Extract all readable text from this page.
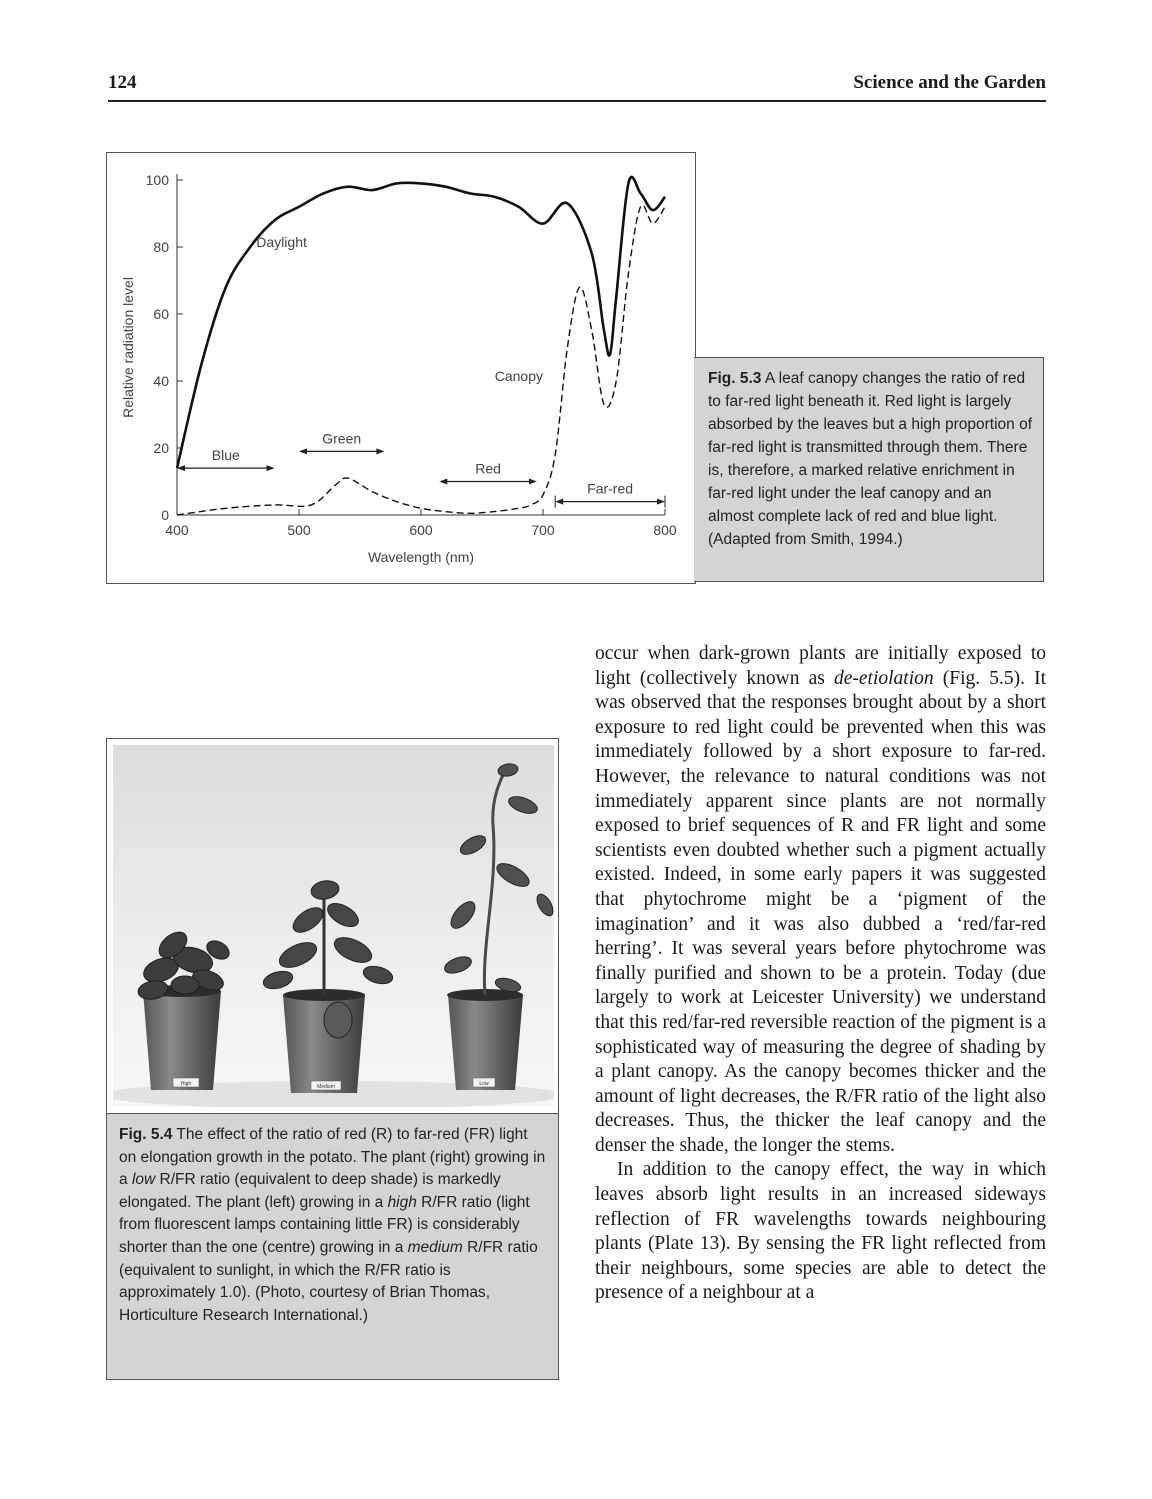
124	Science and the Garden
0
20
40
60
80
100
400	500	600	700	800
Wavelength (nm)
Relative radiation level
Daylight
Canopy
Blue
Green
Red
Far-red
Fig. 5.3 A leaf canopy changes the ratio of red to far-red light beneath it. Red light is largely absorbed by the leaves but a high proportion of far-red light is transmitted through them. There is, therefore, a marked relative enrichment in far-red light under the leaf canopy and an almost complete lack of red and blue light. (Adapted from Smith, 1994.)
High	Medium	Low
Fig. 5.4 The effect of the ratio of red (R) to far-red (FR) light on elongation growth in the potato. The plant (right) growing in a low R/FR ratio (equivalent to deep shade) is markedly elongated. The plant (left) growing in a high R/FR ratio (light from fluorescent lamps containing little FR) is considerably shorter than the one (centre) growing in a medium R/FR ratio (equivalent to sunlight, in which the R/FR ratio is approximately 1.0). (Photo, courtesy of Brian Thomas, Horticulture Research International.)

occur when dark-grown plants are initially exposed to light (collectively known as de-etiolation (Fig. 5.5). It was observed that the responses brought about by a short exposure to red light could be prevented when this was immediately followed by a short exposure to far-red. However, the relevance to natural conditions was not immediately apparent since plants are not normally exposed to brief sequences of R and FR light and some scientists even doubted whether such a pigment actually existed. Indeed, in some early papers it was suggested that phytochrome might be a ‘pigment of the imagination’ and it was also dubbed a ‘red/far-red herring’. It was several years before phytochrome was finally purified and shown to be a protein. Today (due largely to work at Leicester University) we understand that this red/far-red reversible reaction of the pigment is a sophisticated way of measuring the degree of shading by a plant canopy. As the canopy becomes thicker and the amount of light decreases, the R/FR ratio of the light also decreases. Thus, the thicker the leaf canopy and the denser the shade, the longer the stems.

In addition to the canopy effect, the way in which leaves absorb light results in an increased sideways reflection of FR wavelengths towards neighbouring plants (Plate 13). By sensing the FR light reflected from their neighbours, some species are able to detect the presence of a neighbour at a
